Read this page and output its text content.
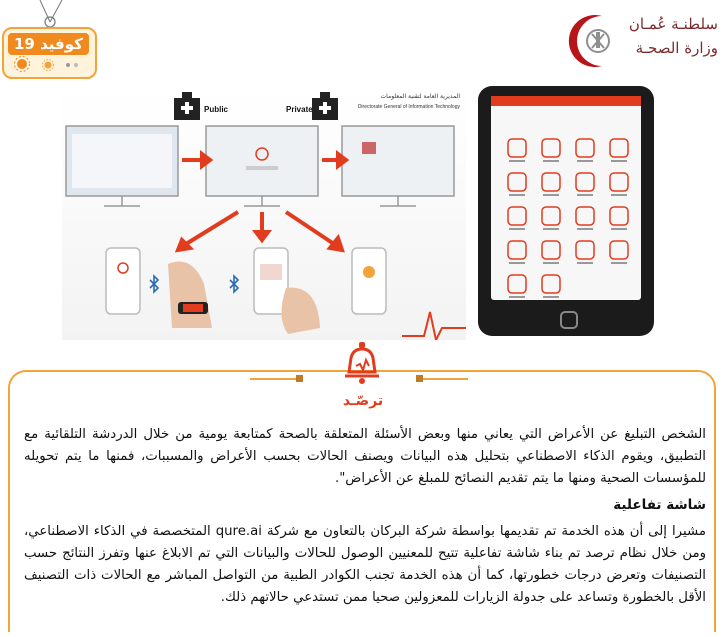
كوفيد 19
سلطنـة عُمـان
وزارة الصحـة
Public	Private
المديرية العامة لتقنية المعلومات
Directorate General of Information Technology
ترصّـد
الشخص التبليغ عن الأعراض التي يعاني منها وبعض الأسئلة المتعلقة بالصحة كمتابعة يومية من خلال الدردشة التلقائية مع التطبيق، ويقوم الذكاء الاصطناعي بتحليل هذه البيانات ويصنف الحالات بحسب الأعراض والمسببات، فمنها ما يتم تحويله للمؤسسات الصحية ومنها ما يتم تقديم النصائح للمبلغ عن الأعراض".
شاشة تفاعلية
مشيرا إلى أن هذه الخدمة تم تقديمها بواسطة شركة البركان بالتعاون مع شركة qure.ai المتخصصة في الذكاء الاصطناعي، ومن خلال نظام ترصد تم بناء شاشة تفاعلية تتيح للمعنيين الوصول للحالات والبيانات التي تم الابلاغ عنها وتفرز النتائج حسب التصنيفات وتعرض درجات خطورتها، كما أن هذه الخدمة تجنب الكوادر الطبية من التواصل المباشر مع الحالات ذات التصنيف الأقل بالخطورة وتساعد على جدولة الزيارات للمعزولين صحيا ممن تستدعي حالاتهم ذلك.
